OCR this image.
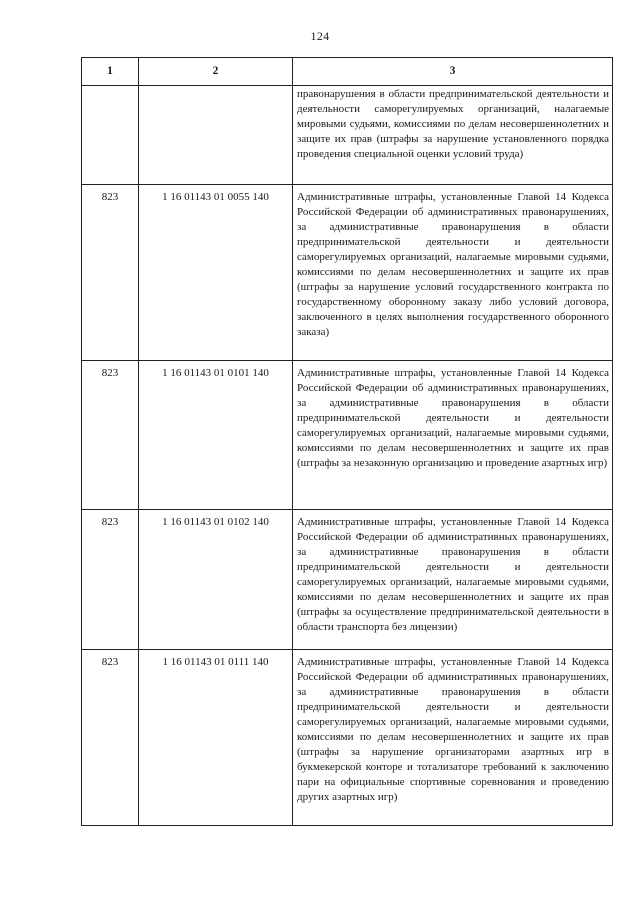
124
1	2	3
		правонарушения в области предпринимательской деятельности и деятельности саморегулируемых организаций, налагаемые мировыми судьями, комиссиями по делам несовершеннолетних и защите их прав (штрафы за нарушение установленного порядка проведения специальной оценки условий труда)
823	1 16 01143 01 0055 140	Административные штрафы, установленные Главой 14 Кодекса Российской Федерации об административных правонарушениях, за административные правонарушения в области предпринимательской деятельности и деятельности саморегулируемых организаций, налагаемые мировыми судьями, комиссиями по делам несовершеннолетних и защите их прав (штрафы за нарушение условий государственного контракта по государственному оборонному заказу либо условий договора, заключенного в целях выполнения государственного оборонного заказа)
823	1 16 01143 01 0101 140	Административные штрафы, установленные Главой 14 Кодекса Российской Федерации об административных правонарушениях, за административные правонарушения в области предпринимательской деятельности и деятельности саморегулируемых организаций, налагаемые мировыми судьями, комиссиями по делам несовершеннолетних и защите их прав (штрафы за незаконную организацию и проведение азартных игр)
823	1 16 01143 01 0102 140	Административные штрафы, установленные Главой 14 Кодекса Российской Федерации об административных правонарушениях, за административные правонарушения в области предпринимательской деятельности и деятельности саморегулируемых организаций, налагаемые мировыми судьями, комиссиями по делам несовершеннолетних и защите их прав (штрафы за осуществление предпринимательской деятельности в области транспорта без лицензии)
823	1 16 01143 01 0111 140	Административные штрафы, установленные Главой 14 Кодекса Российской Федерации об административных правонарушениях, за административные правонарушения в области предпринимательской деятельности и деятельности саморегулируемых организаций, налагаемые мировыми судьями, комиссиями по делам несовершеннолетних и защите их прав (штрафы за нарушение организаторами азартных игр в букмекерской конторе и тотализаторе требований к заключению пари на официальные спортивные соревнования и проведению других азартных игр)
